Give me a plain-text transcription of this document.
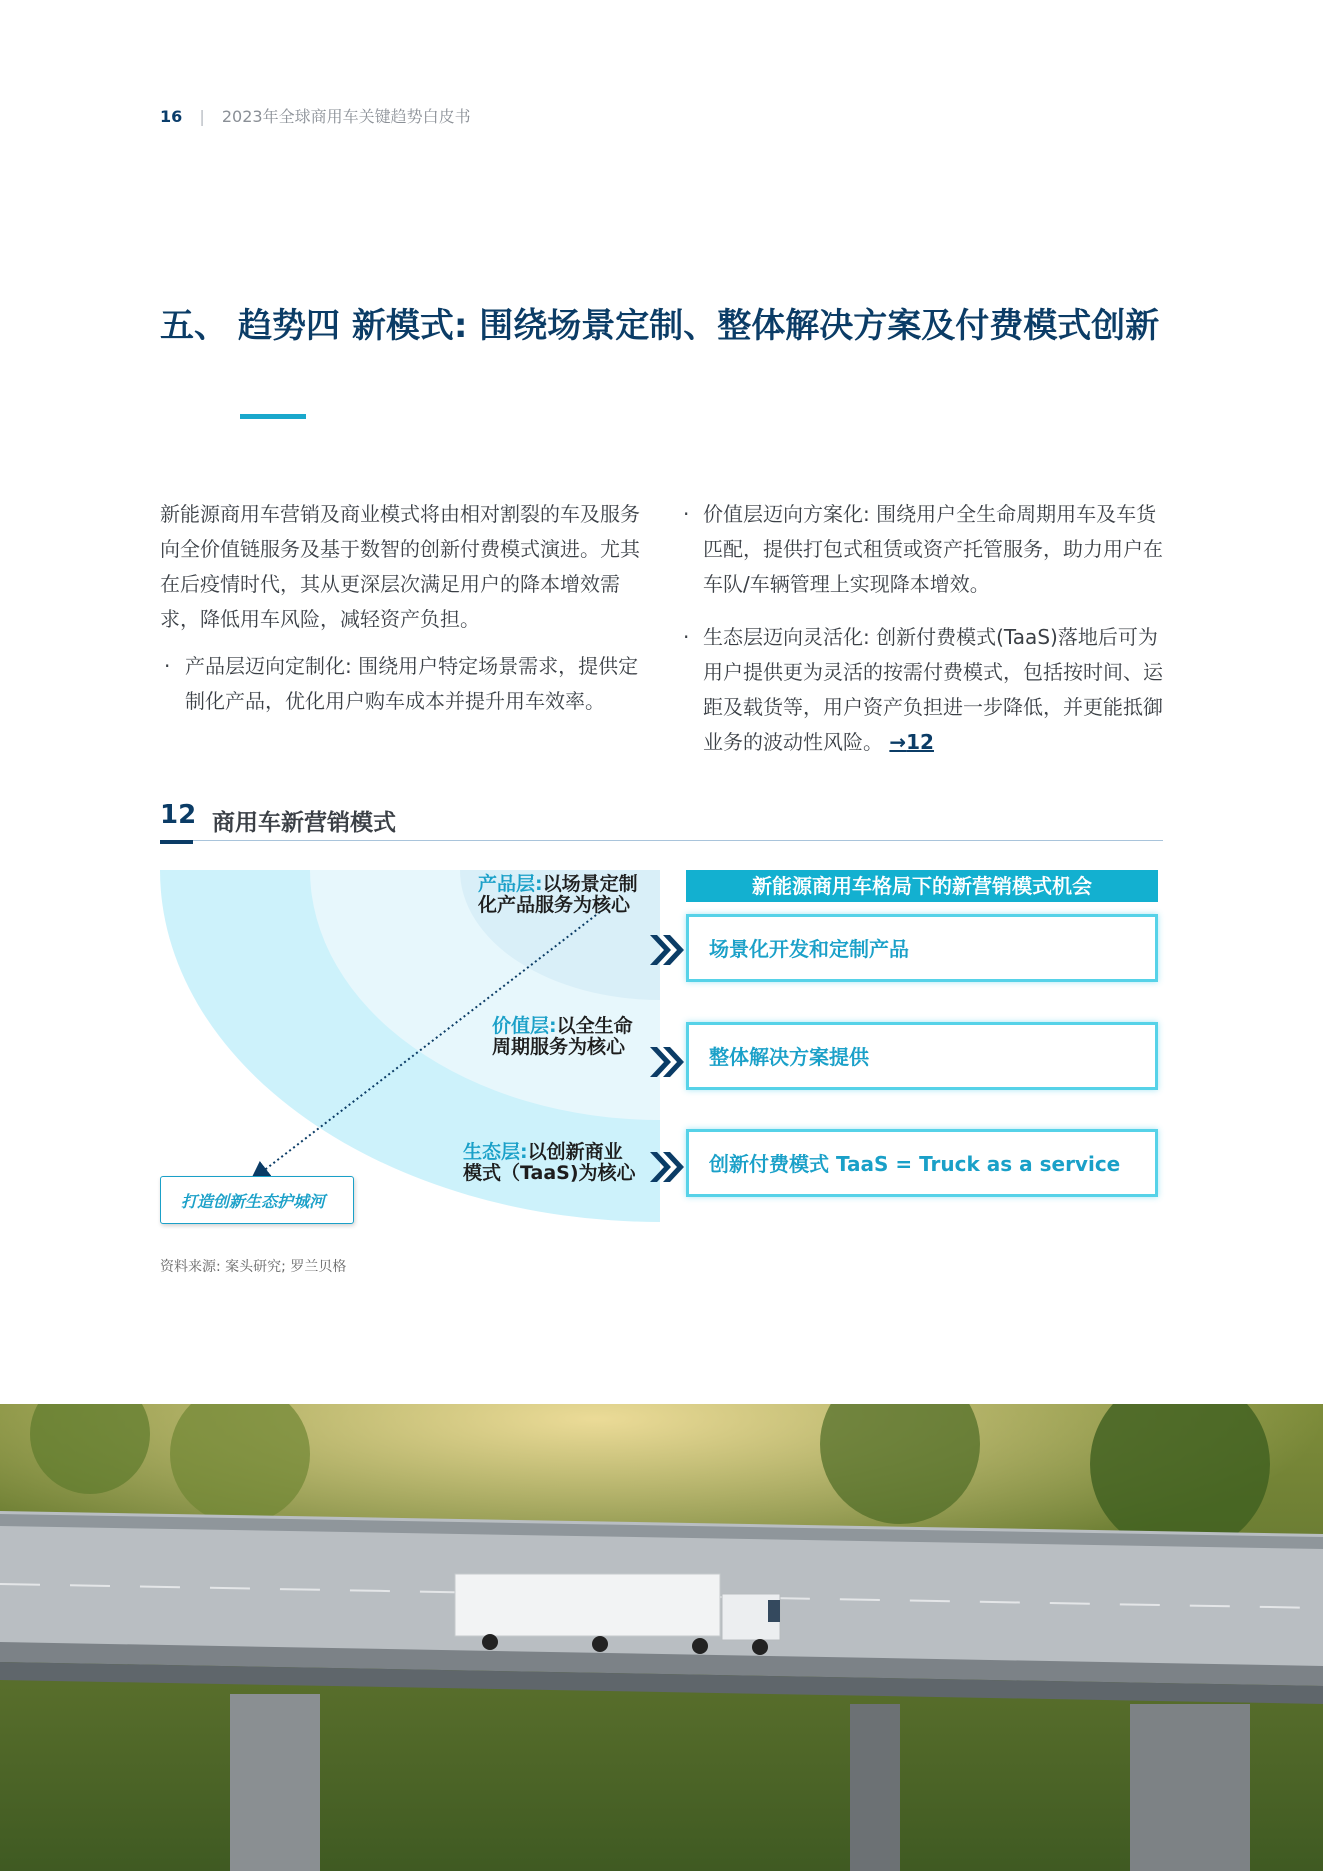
16 | 2023年全球商用车关键趋势白皮书
五、 趋势四 新模式: 围绕场景定制、整体解决方案及付费模式创新

新能源商用车营销及商业模式将由相对割裂的车及服务向全价值链服务及基于数智的创新付费模式演进。尤其在后疫情时代，其从更深层次满足用户的降本增效需求，降低用车风险，减轻资产负担。

· 产品层迈向定制化: 围绕用户特定场景需求，提供定制化产品，优化用户购车成本并提升用车效率。
· 价值层迈向方案化: 围绕用户全生命周期用车及车货匹配，提供打包式租赁或资产托管服务，助力用户在车队/车辆管理上实现降本增效。
· 生态层迈向灵活化: 创新付费模式(TaaS)落地后可为用户提供更为灵活的按需付费模式，包括按时间、运距及载货等，用户资产负担进一步降低，并更能抵御业务的波动性风险。 →12
12 商用车新营销模式
产品层:以场景定制
化产品服务为核心
价值层:以全生命
周期服务为核心
生态层:以创新商业
模式（TaaS)为核心
新能源商用车格局下的新营销模式机会
场景化开发和定制产品
整体解决方案提供
创新付费模式 TaaS = Truck as a service
打造创新生态护城河
资料来源: 案头研究; 罗兰贝格
